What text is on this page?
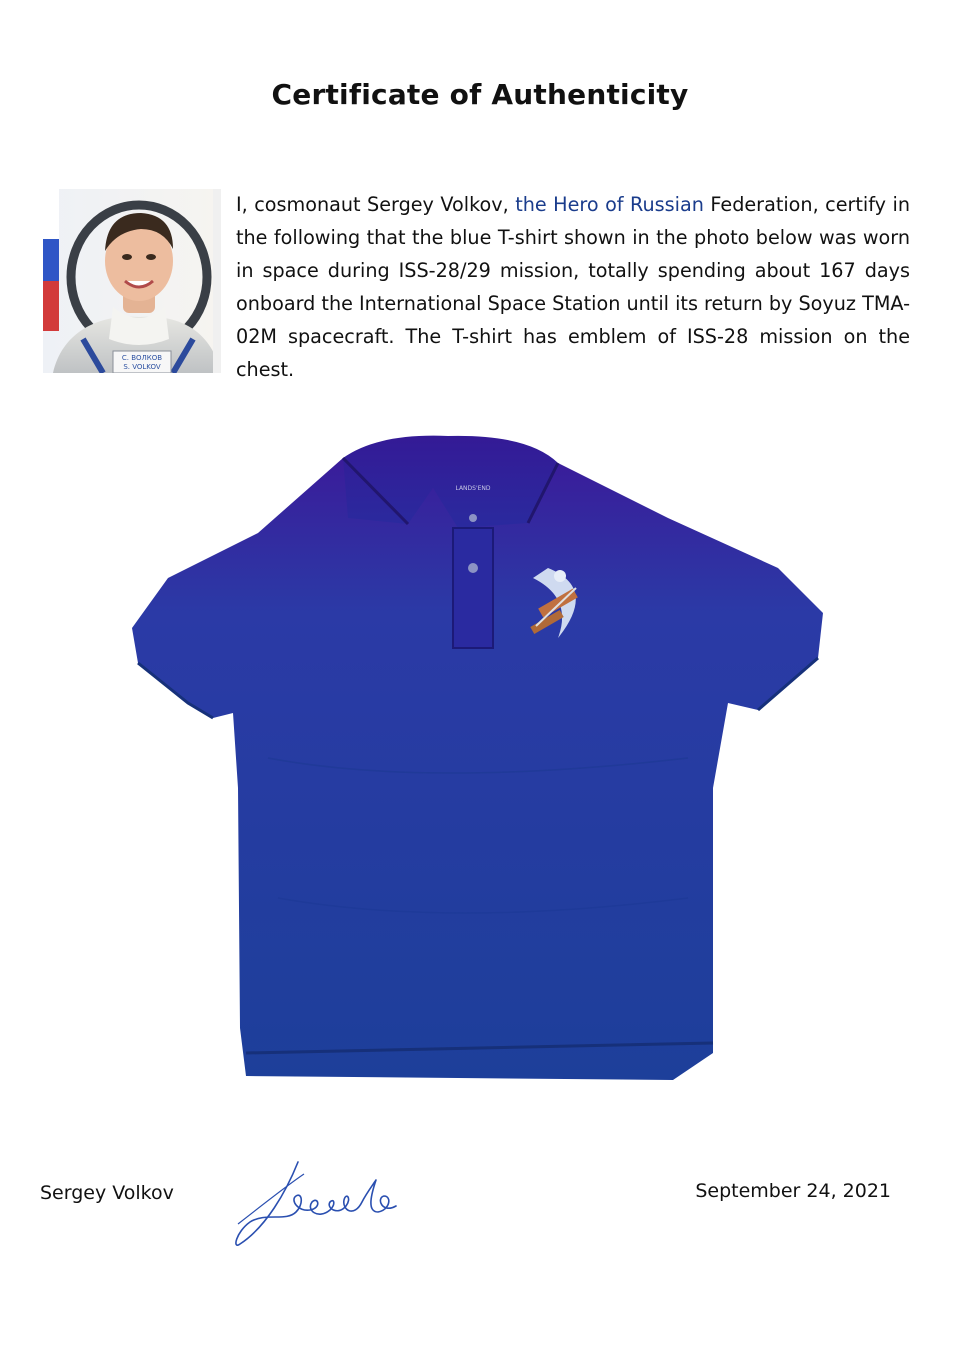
Certificate of Authenticity
С. ВОЛКОВ
S. VOLKOV
I, cosmonaut Sergey Volkov, the Hero of Russian Federation, certify in the following that the blue T-shirt shown in the photo below was worn in space during ISS-28/29 mission, totally spending about 167 days onboard the International Space Station until its return by Soyuz TMA-02M spacecraft. The T-shirt has emblem of ISS-28 mission on the chest.
LANDS'END
Sergey Volkov	September 24, 2021
